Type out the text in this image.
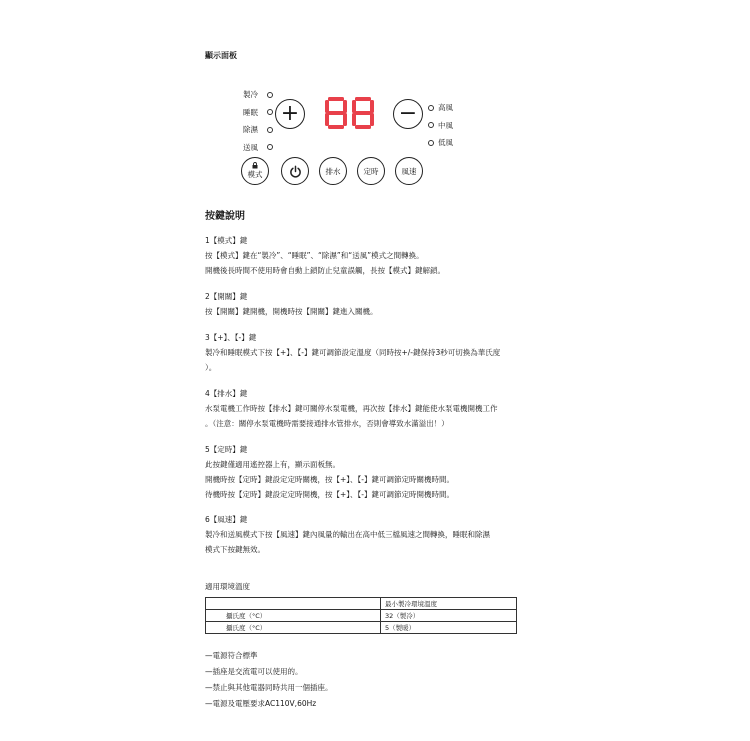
顯示面板
製冷
睡眠
除濕
送風
+	−	高風
中風
低風
模式	排水	定時	風速
按鍵說明
1【模式】鍵
按【模式】鍵在“製冷”、“睡眠”、“除濕”和“送風”模式之間轉換。
開機後長時間不使用時會自動上鎖防止兒童誤觸，長按【模式】鍵解鎖。
2【開關】鍵
按【開關】鍵開機，開機時按【開關】鍵進入關機。
3【+】、【-】鍵
製冷和睡眠模式下按【+】、【-】鍵可調節設定溫度（同時按+/-鍵保持3秒可切換為華氏度
）。
4【排水】鍵
水泵電機工作時按【排水】鍵可關停水泵電機，再次按【排水】鍵能使水泵電機開機工作
。（注意：關停水泵電機時需要接通排水管排水，否則會導致水滿溢出！）
5【定時】鍵
此按鍵僅適用遙控器上有，顯示面板無。
開機時按【定時】鍵設定定時關機，按【+】、【-】鍵可調節定時關機時間。
待機時按【定時】鍵設定定時開機，按【+】、【-】鍵可調節定時開機時間。
6【風速】鍵
製冷和送風模式下按【風速】鍵內風量的輸出在高中低三檔風速之間轉換，睡眠和除濕
模式下按鍵無效。
適用環境溫度
	最小製冷環境溫度
攝氏度（°C）	32（製冷）
攝氏度（°C）	5（製暖）
—電源符合標準
—插座是交流電可以使用的。
—禁止與其他電器同時共用一個插座。
—電源及電壓要求AC110V,60Hz
